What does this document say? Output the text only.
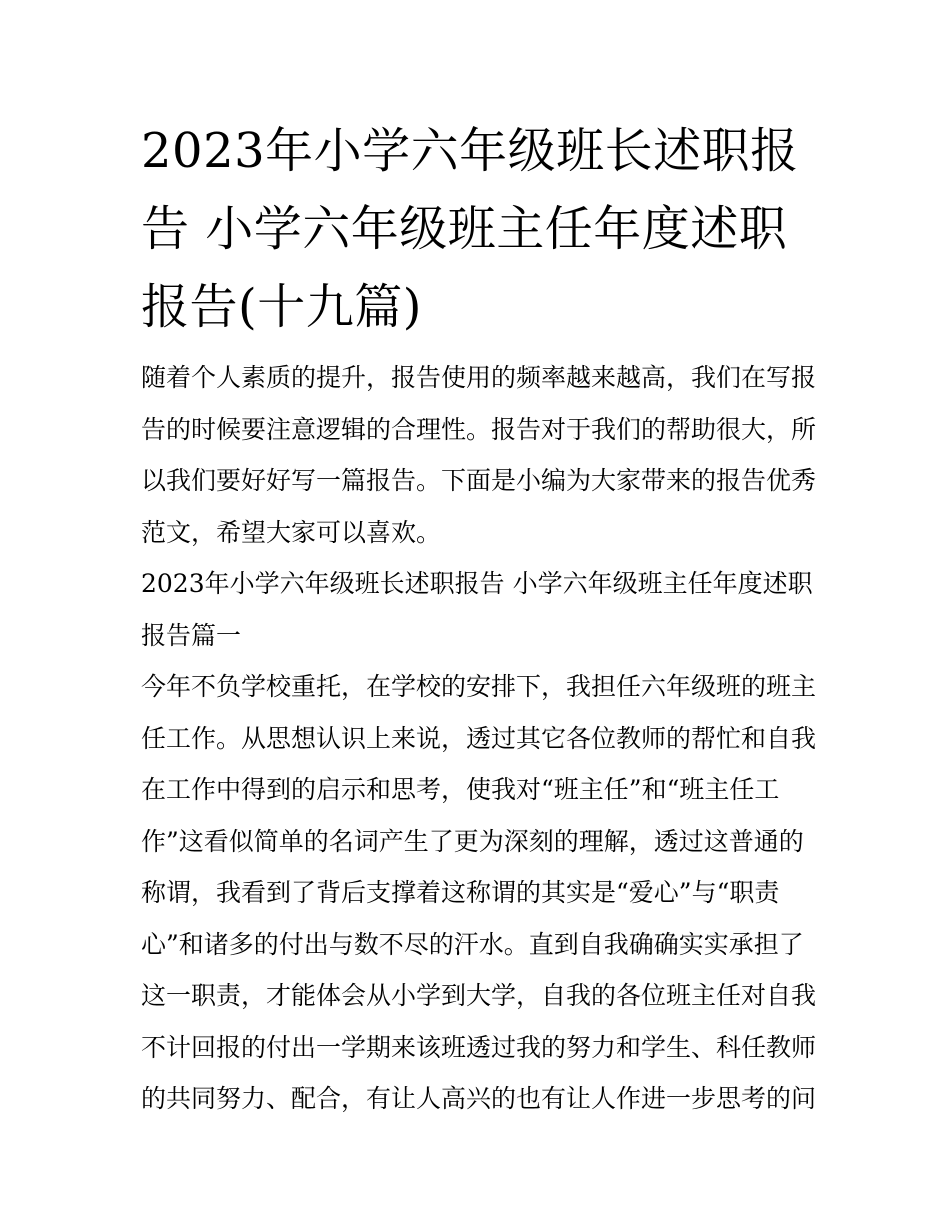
2023年小学六年级班长述职报
告 小学六年级班主任年度述职
报告(十九篇)
随着个人素质的提升，报告使用的频率越来越高，我们在写报
告的时候要注意逻辑的合理性。报告对于我们的帮助很大，所
以我们要好好写一篇报告。下面是小编为大家带来的报告优秀
范文，希望大家可以喜欢。
2023年小学六年级班长述职报告 小学六年级班主任年度述职
报告篇一
今年不负学校重托，在学校的安排下，我担任六年级班的班主
任工作。从思想认识上来说，透过其它各位教师的帮忙和自我
在工作中得到的启示和思考，使我对“班主任”和“班主任工
作”这看似简单的名词产生了更为深刻的理解，透过这普通的
称谓，我看到了背后支撑着这称谓的其实是“爱心”与“职责
心”和诸多的付出与数不尽的汗水。直到自我确确实实承担了
这一职责，才能体会从小学到大学，自我的各位班主任对自我
不计回报的付出一学期来该班透过我的努力和学生、科任教师
的共同努力、配合，有让人高兴的也有让人作进一步思考的问
